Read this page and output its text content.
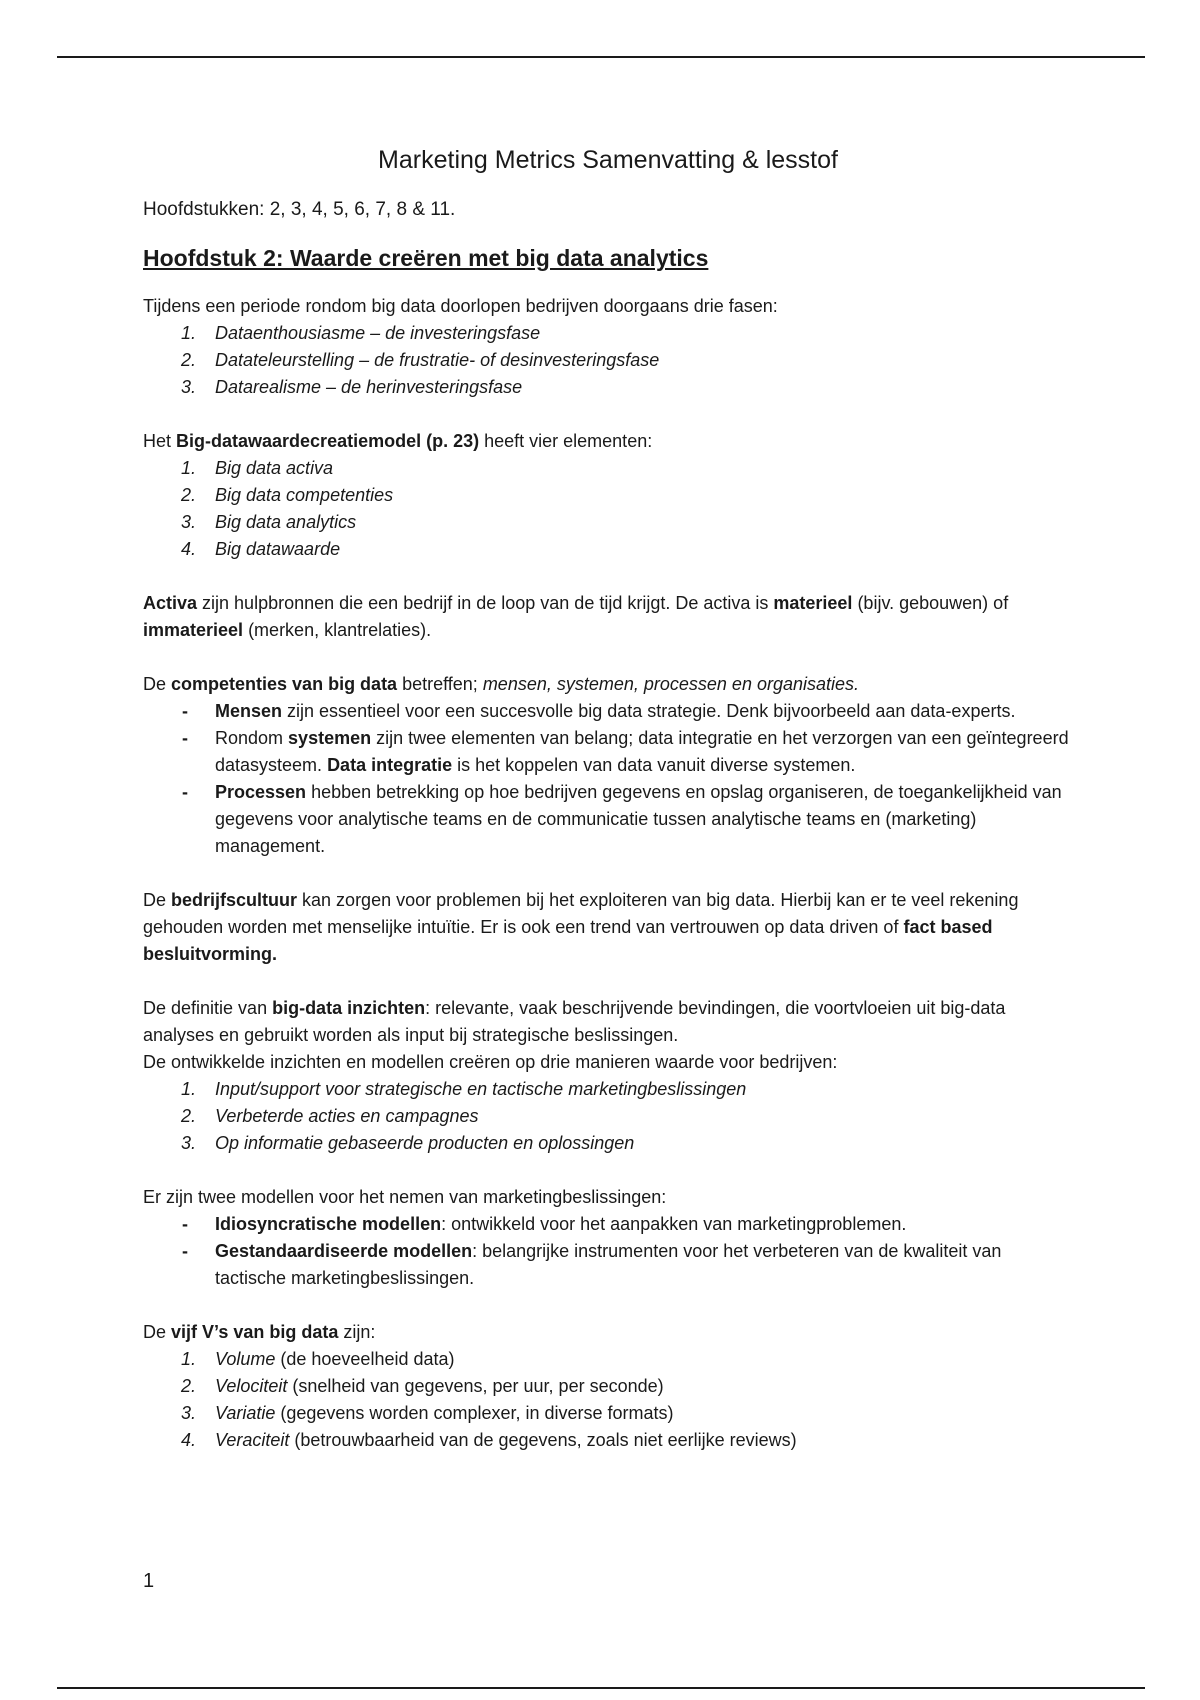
Marketing Metrics Samenvatting & lesstof

Hoofdstukken: 2, 3, 4, 5, 6, 7, 8 & 11.

Hoofdstuk 2: Waarde creëren met big data analytics

Tijdens een periode rondom big data doorlopen bedrijven doorgaans drie fasen:

1. Dataenthousiasme – de investeringsfase
2. Datateleurstelling – de frustratie- of desinvesteringsfase
3. Datarealisme – de herinvesteringsfase

Het Big-datawaardecreatiemodel (p. 23) heeft vier elementen:

1. Big data activa
2. Big data competenties
3. Big data analytics
4. Big datawaarde

Activa zijn hulpbronnen die een bedrijf in de loop van de tijd krijgt. De activa is materieel (bijv. gebouwen) of immaterieel (merken, klantrelaties).

De competenties van big data betreffen; mensen, systemen, processen en organisaties.

- Mensen zijn essentieel voor een succesvolle big data strategie. Denk bijvoorbeeld aan data-experts.
- Rondom systemen zijn twee elementen van belang; data integratie en het verzorgen van een geïntegreerd datasysteem. Data integratie is het koppelen van data vanuit diverse systemen.
- Processen hebben betrekking op hoe bedrijven gegevens en opslag organiseren, de toegankelijkheid van gegevens voor analytische teams en de communicatie tussen analytische teams en (marketing) management.

De bedrijfscultuur kan zorgen voor problemen bij het exploiteren van big data. Hierbij kan er te veel rekening gehouden worden met menselijke intuïtie. Er is ook een trend van vertrouwen op data driven of fact based besluitvorming.

De definitie van big-data inzichten: relevante, vaak beschrijvende bevindingen, die voortvloeien uit big-data analyses en gebruikt worden als input bij strategische beslissingen.

De ontwikkelde inzichten en modellen creëren op drie manieren waarde voor bedrijven:

1. Input/support voor strategische en tactische marketingbeslissingen
2. Verbeterde acties en campagnes
3. Op informatie gebaseerde producten en oplossingen

Er zijn twee modellen voor het nemen van marketingbeslissingen:

- Idiosyncratische modellen: ontwikkeld voor het aanpakken van marketingproblemen.
- Gestandaardiseerde modellen: belangrijke instrumenten voor het verbeteren van de kwaliteit van tactische marketingbeslissingen.

De vijf V’s van big data zijn:

1. Volume (de hoeveelheid data)
2. Velociteit (snelheid van gegevens, per uur, per seconde)
3. Variatie (gegevens worden complexer, in diverse formats)
4. Veraciteit (betrouwbaarheid van de gegevens, zoals niet eerlijke reviews)
1
